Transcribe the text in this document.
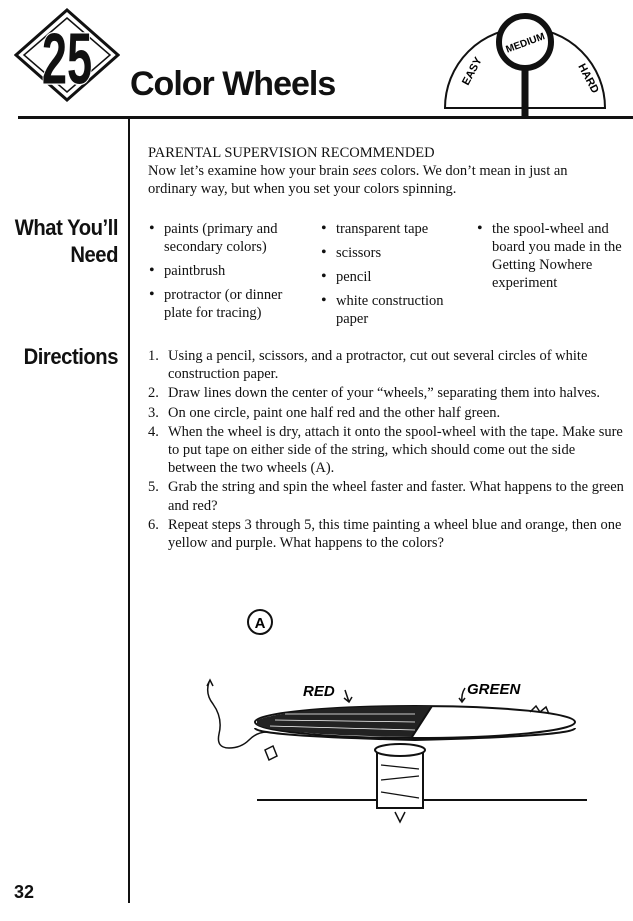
25 Color Wheels	EASY	HARD
MEDIUM
What You’ll Need
Directions
PARENTAL SUPERVISION RECOMMENDED

Now let’s examine how your brain sees colors. We don’t mean in just an ordinary way, but when you set your colors spinning.

• paints (primary and secondary colors)
• paintbrush
• protractor (or dinner plate for tracing)
• transparent tape
• scissors
• pencil
• white construction paper
• the spool-wheel and board you made in the Getting Nowhere experiment
1. Using a pencil, scissors, and a protractor, cut out several circles of white construction paper.
2. Draw lines down the center of your “wheels,” separating them into halves.
3. On one circle, paint one half red and the other half green.
4. When the wheel is dry, attach it onto the spool-wheel with the tape. Make sure to put tape on either side of the string, which should come out the side between the two wheels (A).
5. Grab the string and spin the wheel faster and faster. What happens to the green and red?
6. Repeat steps 3 through 5, this time painting a wheel blue and orange, then one yellow and purple. What happens to the colors?
A
RED	GREEN
32
